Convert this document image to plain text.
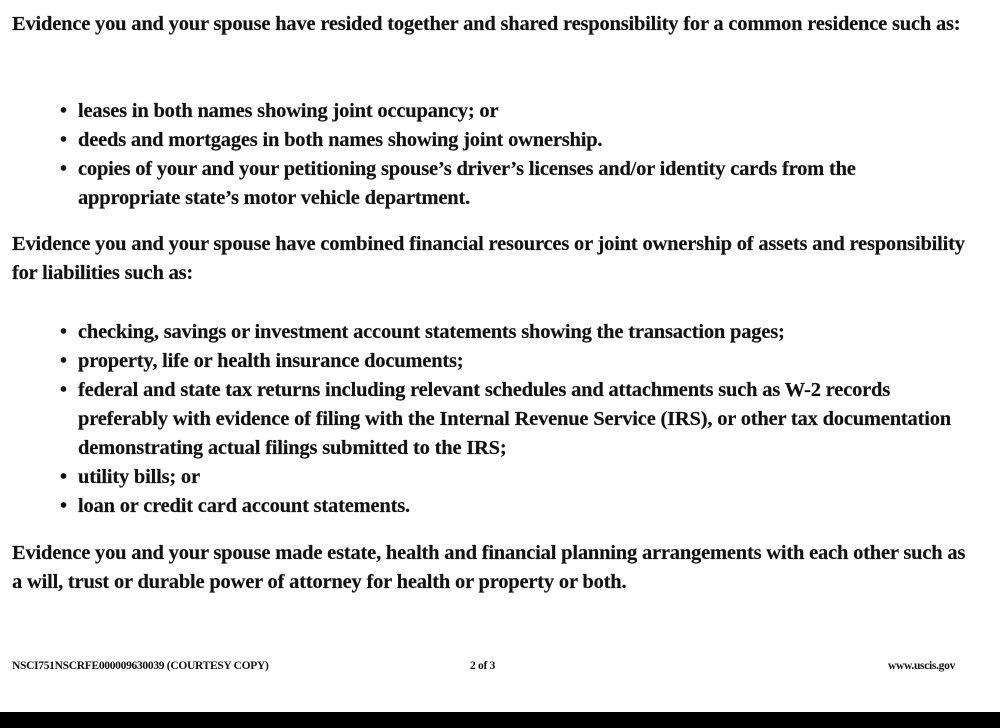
Evidence you and your spouse have resided together and shared responsibility for a common residence such as:

• leases in both names showing joint occupancy; or
• deeds and mortgages in both names showing joint ownership.
• copies of your and your petitioning spouse’s driver’s licenses and/or identity cards from the appropriate state’s motor vehicle department.

Evidence you and your spouse have combined financial resources or joint ownership of assets and responsibility for liabilities such as:

• checking, savings or investment account statements showing the transaction pages;
• property, life or health insurance documents;
• federal and state tax returns including relevant schedules and attachments such as W-2 records preferably with evidence of filing with the Internal Revenue Service (IRS), or other tax documentation demonstrating actual filings submitted to the IRS;
• utility bills; or
• loan or credit card account statements.

Evidence you and your spouse made estate, health and financial planning arrangements with each other such as a will, trust or durable power of attorney for health or property or both.

NSCI751NSCRFE000009630039 (COURTESY COPY)	2 of 3	www.uscis.gov
